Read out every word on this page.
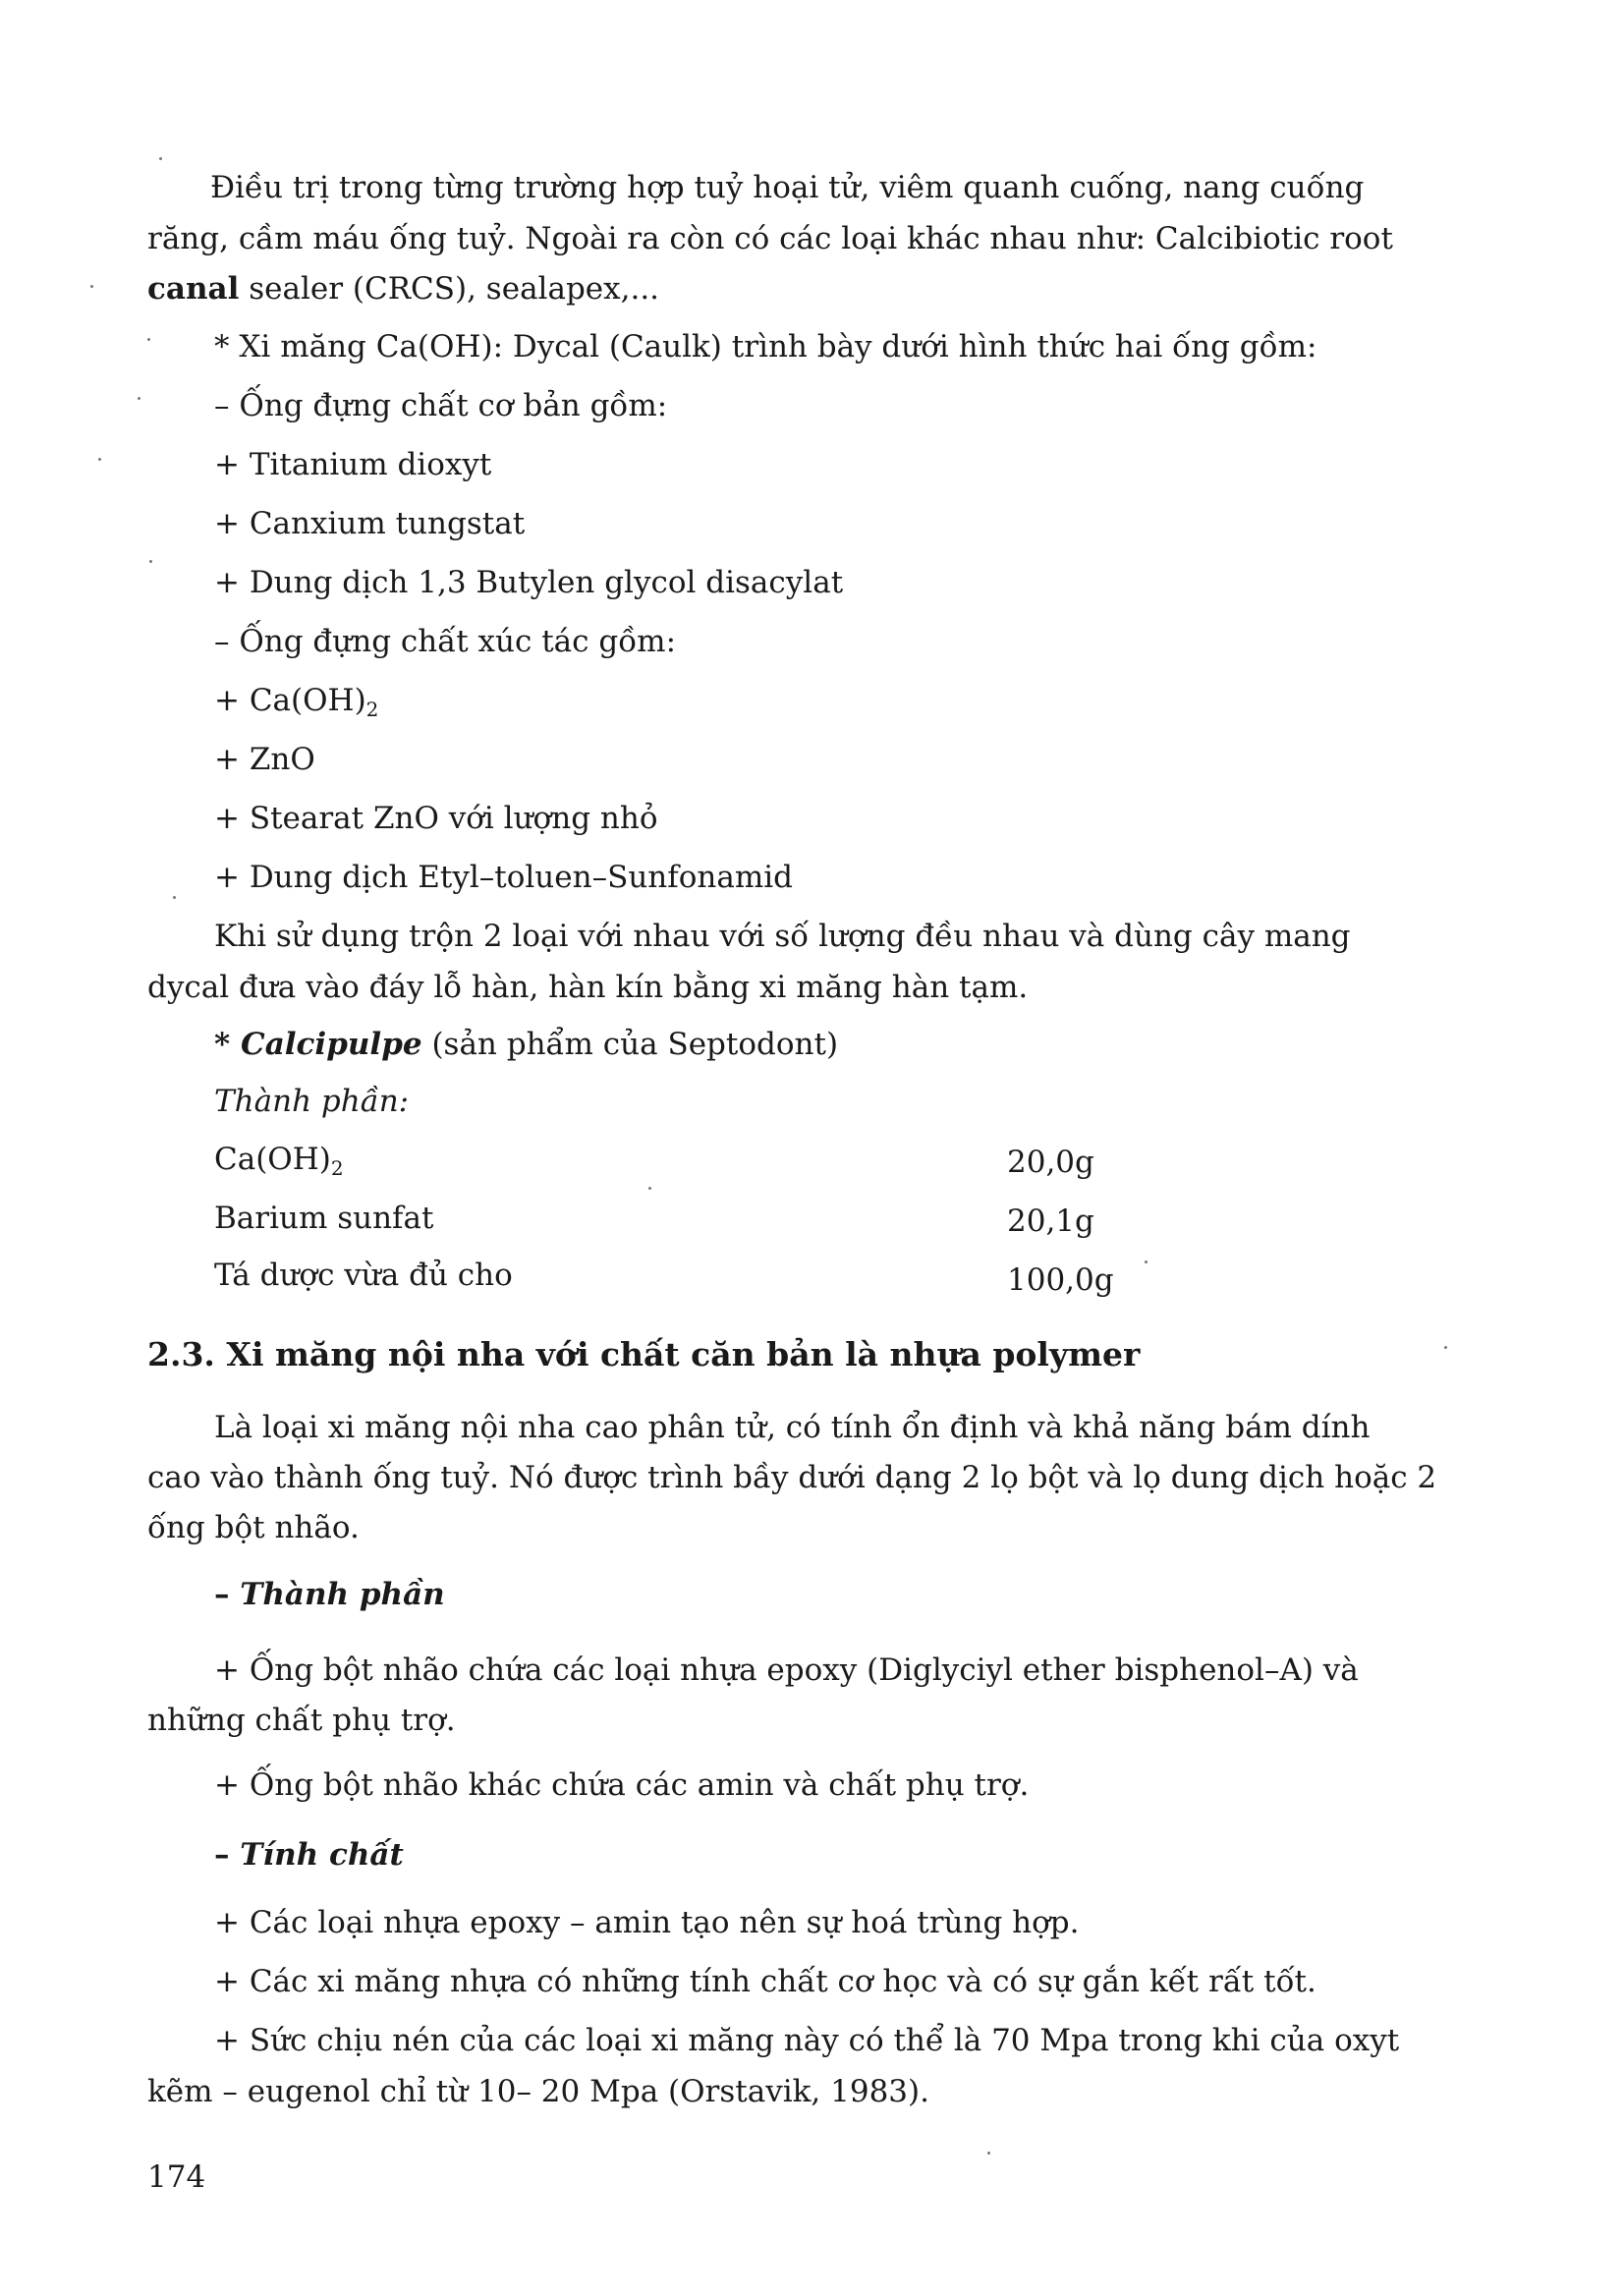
Điều trị trong từng trường hợp tuỷ hoại tử, viêm quanh cuống, nang cuống
răng, cầm máu ống tuỷ. Ngoài ra còn có các loại khác nhau như: Calcibiotic root
canal sealer (CRCS), sealapex,...
* Xi măng Ca(OH): Dycal (Caulk) trình bày dưới hình thức hai ống gồm:
– Ống đựng chất cơ bản gồm:
+ Titanium dioxyt
+ Canxium tungstat
+ Dung dịch 1,3 Butylen glycol disacylat
– Ống đựng chất xúc tác gồm:
+ $Ca(OH)_2$
+ ZnO
+ Stearat ZnO với lượng nhỏ
+ Dung dịch Etyl–toluen–Sunfonamid
Khi sử dụng trộn 2 loại với nhau với số lượng đều nhau và dùng cây mang
dycal đưa vào đáy lỗ hàn, hàn kín bằng xi măng hàn tạm.
* Calcipulpe (sản phẩm của Septodont)
Thành phần:
$Ca(OH)_2$	20,0g
Barium sunfat	20,1g
Tá dược vừa đủ cho	100,0g
2.3. Xi măng nội nha với chất căn bản là nhựa polymer
Là loại xi măng nội nha cao phân tử, có tính ổn định và khả năng bám dính
cao vào thành ống tuỷ. Nó được trình bầy dưới dạng 2 lọ bột và lọ dung dịch hoặc 2
ống bột nhão.
– Thành phần
+ Ống bột nhão chứa các loại nhựa epoxy (Diglyciyl ether bisphenol–A) và
những chất phụ trợ.
+ Ống bột nhão khác chứa các amin và chất phụ trợ.
– Tính chất
+ Các loại nhựa epoxy – amin tạo nên sự hoá trùng hợp.
+ Các xi măng nhựa có những tính chất cơ học và có sự gắn kết rất tốt.
+ Sức chịu nén của các loại xi măng này có thể là 70 Mpa trong khi của oxyt
kẽm – eugenol chỉ từ 10– 20 Mpa (Orstavik, 1983).
174
